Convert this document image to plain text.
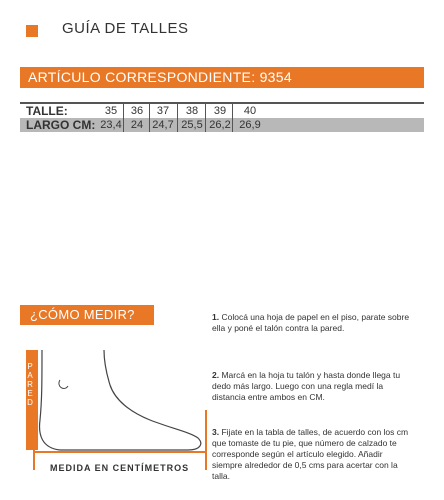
GUÍA DE TALLES
ARTÍCULO CORRESPONDIENTE: 9354
TALLE:	35	36	37	38	39	40
LARGO CM: 23,4 24 24,7 25,5 26,2 26,9
¿CÓMO MEDIR?
P
A
R
E
D
MEDIDA EN CENTÍMETROS
1. Colocá una hoja de papel en el piso, parate sobre ella y poné el talón contra la pared.
2. Marcá en la hoja tu talón y hasta donde llega tu dedo más largo. Luego con una regla medí la distancia entre ambos en CM.
3. Fijate en la tabla de talles, de acuerdo con los cm que tomaste de tu pie, que número de calzado te corresponde según el artículo elegido. Añadir siempre alrededor de 0,5 cms para acertar con la talla.
